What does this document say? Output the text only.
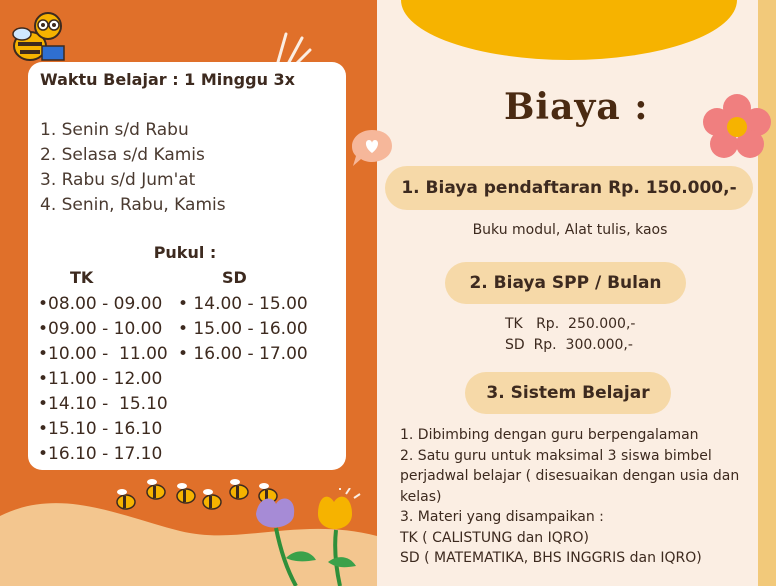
Waktu Belajar : 1 Minggu 3x
1. Senin s/d Rabu
2. Selasa s/d Kamis
3. Rabu s/d Jum'at
4. Senin, Rabu, Kamis
Pukul :
TK	SD
•08.00 - 09.00
•09.00 - 10.00
•10.00 -  11.00
•11.00 - 12.00
•14.10 -  15.10
•15.10 - 16.10
•16.10 - 17.10
• 14.00 - 15.00
• 15.00 - 16.00
• 16.00 - 17.00
Biaya :
1. Biaya pendaftaran Rp. 150.000,-
Buku modul, Alat tulis, kaos
2. Biaya SPP / Bulan
TK   Rp.  250.000,-
SD  Rp.  300.000,-
3. Sistem Belajar
1. Dibimbing dengan guru berpengalaman
2. Satu guru untuk maksimal 3 siswa bimbel perjadwal belajar ( disesuaikan dengan usia dan kelas)
3. Materi yang disampaikan :
TK ( CALISTUNG dan IQRO)
SD ( MATEMATIKA, BHS INGGRIS dan IQRO)
